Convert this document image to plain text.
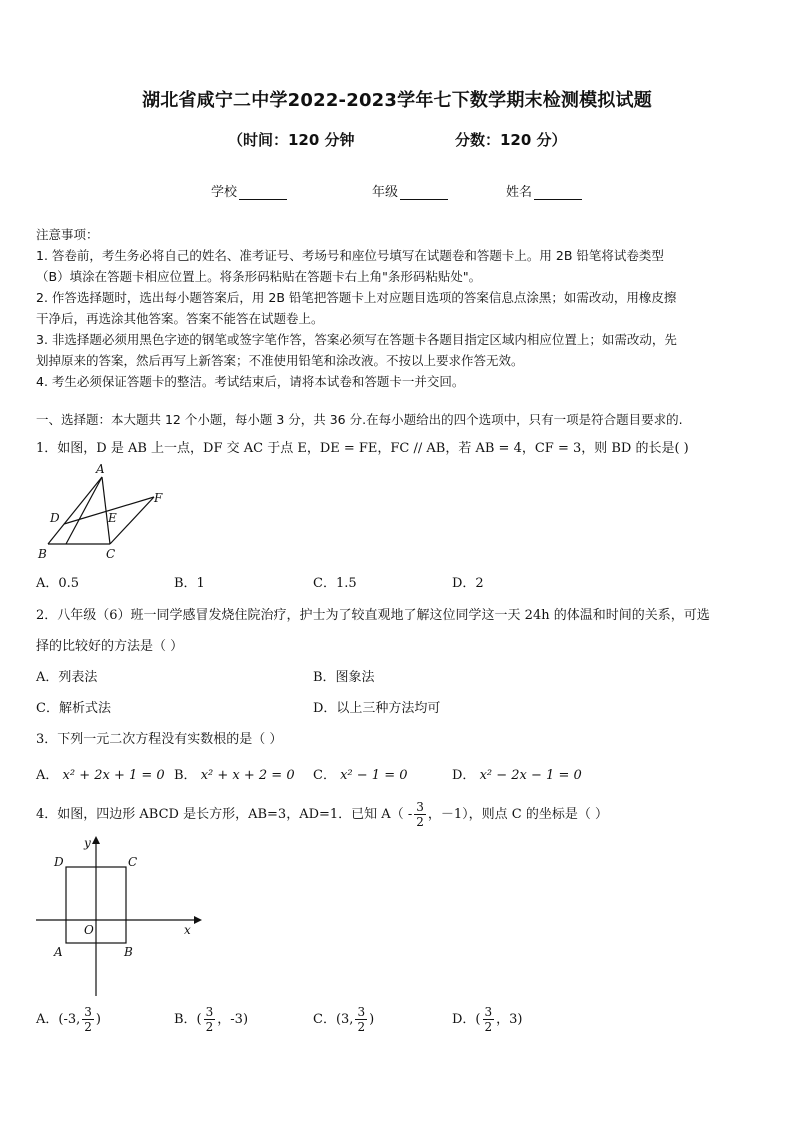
湖北省咸宁二中学2022-2023学年七下数学期末检测模拟试题
（时间：120 分钟	分数：120 分）
学校	年级	姓名
注意事项：
1. 答卷前，考生务必将自己的姓名、准考证号、考场号和座位号填写在试题卷和答题卡上。用 2B 铅笔将试卷类型
（B）填涂在答题卡相应位置上。将条形码粘贴在答题卡右上角"条形码粘贴处"。
2. 作答选择题时，选出每小题答案后，用 2B 铅笔把答题卡上对应题目选项的答案信息点涂黑；如需改动，用橡皮擦
干净后，再选涂其他答案。答案不能答在试题卷上。
3. 非选择题必须用黑色字迹的钢笔或签字笔作答，答案必须写在答题卡各题目指定区域内相应位置上；如需改动，先
划掉原来的答案，然后再写上新答案；不准使用铅笔和涂改液。不按以上要求作答无效。
4. 考生必须保证答题卡的整洁。考试结束后，请将本试卷和答题卡一并交回。
一、选择题：本大题共 12 个小题，每小题 3 分，共 36 分.在每小题给出的四个选项中，只有一项是符合题目要求的.
1．如图，D 是 AB 上一点，DF 交 AC 于点 E，DE = FE，FC // AB，若 AB = 4，CF = 3，则 BD 的长是( )
A
B	C
D	E
F
A．0.5	B．1	C．1.5	D．2
2．八年级（6）班一同学感冒发烧住院治疗，护士为了较直观地了解这位同学这一天 24h 的体温和时间的关系，可选
择的比较好的方法是（ ）
A．列表法	B．图象法
C．解析式法	D．以上三种方法均可
3．下列一元二次方程没有实数根的是（ ）
A． x² + 2x + 1 = 0 B． x² + x + 2 = 0 C． x² − 1 = 0	D． x² − 2x − 1 = 0
4．如图，四边形 ABCD 是长方形，AB=3，AD=1．已知 $A( - \frac{3}{2}$ ，－1），则点 C 的坐标是（ ）
y
x
O
A	B
C
D
A．(-3, $\frac{3}{2}$ )	B．( $\frac{3}{2}$ ，-3)	C．(3, $\frac{3}{2}$ )	D．( $\frac{3}{2}$ ，3)
